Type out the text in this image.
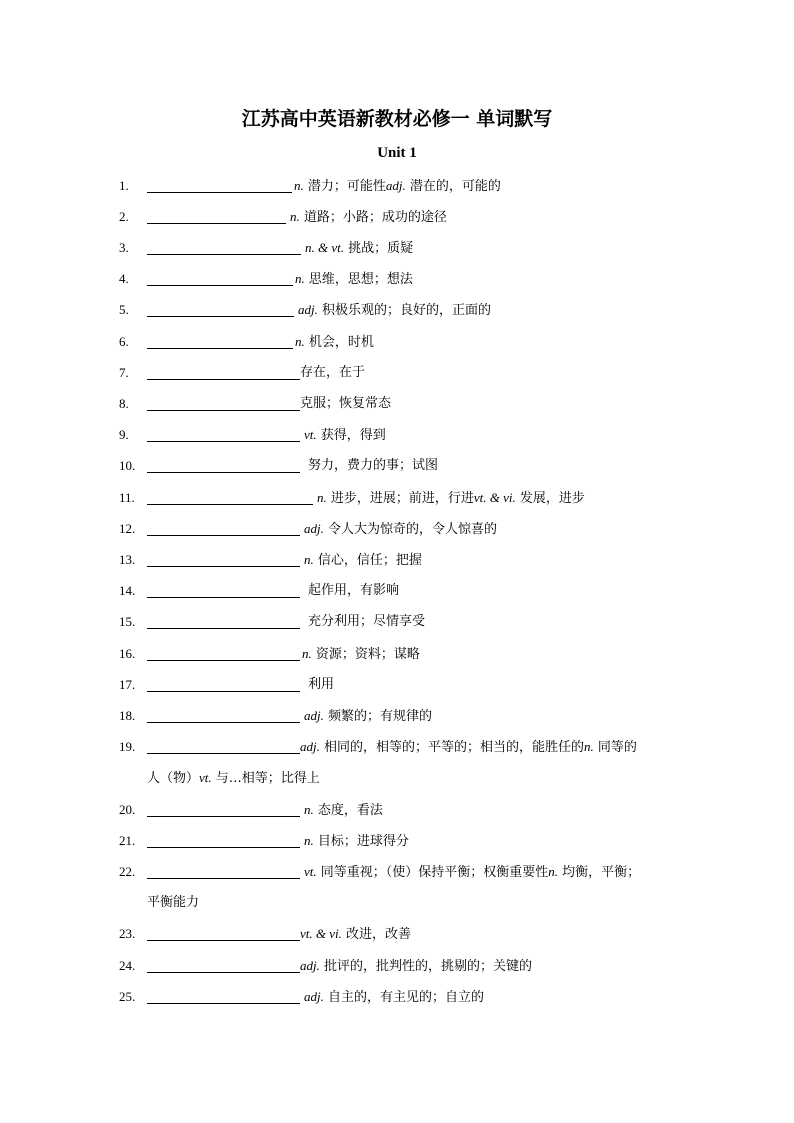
江苏高中英语新教材必修一 单词默写
Unit 1
1.	n. 潜力；可能性adj. 潜在的，可能的
2.	n. 道路；小路；成功的途径
3.	n. & vt. 挑战；质疑
4.	n. 思维，思想；想法
5.	adj. 积极乐观的；良好的，正面的
6.	n. 机会，时机
7.	存在，在于
8.	克服；恢复常态
9.	vt. 获得，得到
10.	努力，费力的事；试图
11.	n. 进步，进展；前进，行进vt. & vi. 发展，进步
12.	adj. 令人大为惊奇的，令人惊喜的
13.	n. 信心，信任；把握
14.	起作用，有影响
15.	充分利用；尽情享受
16.	n. 资源；资料；谋略
17.	利用
18.	adj. 频繁的；有规律的
19.	adj. 相同的，相等的；平等的；相当的，能胜任的n. 同等的
人（物）vt. 与…相等；比得上
20.	n. 态度，看法
21.	n. 目标；进球得分
22.	vt. 同等重视；（使）保持平衡；权衡重要性n. 均衡，平衡；
平衡能力
23.	vt. & vi. 改进，改善
24.	adj. 批评的，批判性的，挑剔的；关键的
25.	adj. 自主的，有主见的；自立的
